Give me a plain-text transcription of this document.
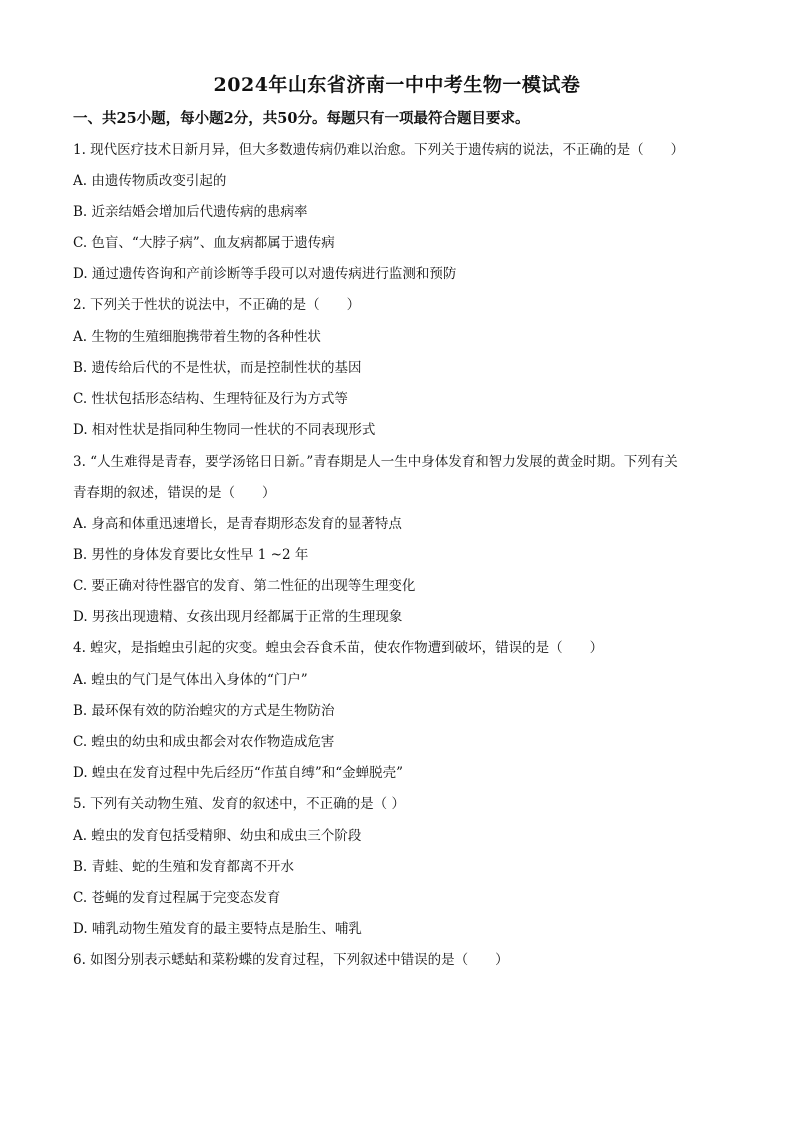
2024年山东省济南一中中考生物一模试卷
一、共25小题，每小题2分，共50分。每题只有一项最符合题目要求。
1. 现代医疗技术日新月异，但大多数遗传病仍难以治愈。下列关于遗传病的说法，不正确的是（　　）
A. 由遗传物质改变引起的
B. 近亲结婚会增加后代遗传病的患病率
C. 色盲、“大脖子病”、血友病都属于遗传病
D. 通过遗传咨询和产前诊断等手段可以对遗传病进行监测和预防
2. 下列关于性状的说法中，不正确的是（　　）
A. 生物的生殖细胞携带着生物的各种性状
B. 遗传给后代的不是性状，而是控制性状的基因
C. 性状包括形态结构、生理特征及行为方式等
D. 相对性状是指同种生物同一性状的不同表现形式
3. “人生难得是青春，要学汤铭日日新。”青春期是人一生中身体发育和智力发展的黄金时期。下列有关
青春期的叙述，错误的是（　　）
A. 身高和体重迅速增长，是青春期形态发育的显著特点
B. 男性的身体发育要比女性早 1 ~2 年
C. 要正确对待性器官的发育、第二性征的出现等生理变化
D. 男孩出现遗精、女孩出现月经都属于正常的生理现象
4. 蝗灾，是指蝗虫引起的灾变。蝗虫会吞食禾苗，使农作物遭到破坏，错误的是（　　）
A. 蝗虫的气门是气体出入身体的“门户”
B. 最环保有效的防治蝗灾的方式是生物防治
C. 蝗虫的幼虫和成虫都会对农作物造成危害
D. 蝗虫在发育过程中先后经历“作茧自缚”和“金蝉脱壳”
5. 下列有关动物生殖、发育的叙述中，不正确的是（ ）
A. 蝗虫的发育包括受精卵、幼虫和成虫三个阶段
B. 青蛙、蛇的生殖和发育都离不开水
C. 苍蝇的发育过程属于完变态发育
D. 哺乳动物生殖发育的最主要特点是胎生、哺乳
6. 如图分别表示蟋蛄和菜粉蝶的发育过程，下列叙述中错误的是（　　）
